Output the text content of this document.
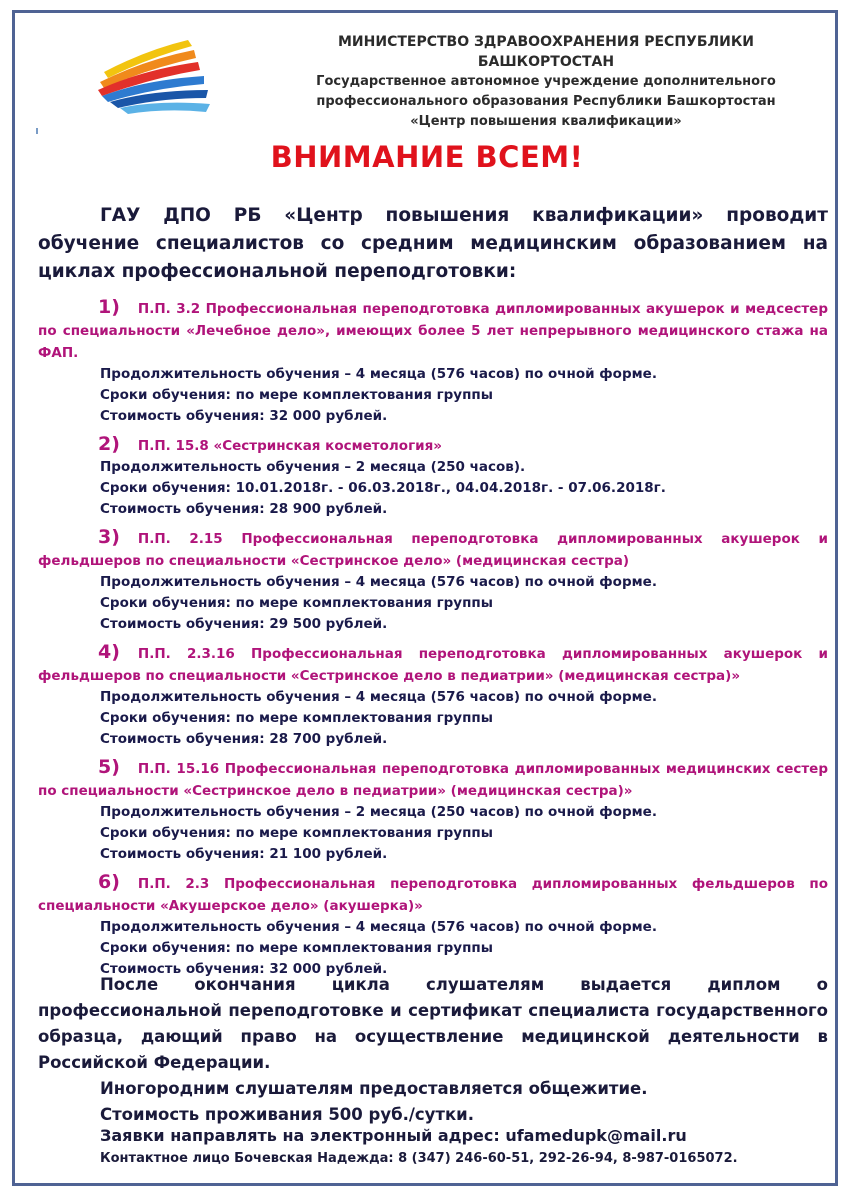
МИНИСТЕРСТВО ЗДРАВООХРАНЕНИЯ РЕСПУБЛИКИ БАШКОРТОСТАН
Государственное автономное учреждение дополнительного
профессионального образования Республики Башкортостан
«Центр повышения квалификации»
ВНИМАНИЕ ВСЕМ!
ГАУ ДПО РБ «Центр повышения квалификации» проводит обучение специалистов со средним медицинским образованием на циклах профессиональной переподготовки:
1) П.П. 3.2 Профессиональная переподготовка дипломированных акушерок и медсестер по специальности «Лечебное дело», имеющих более 5 лет непрерывного медицинского стажа на ФАП.
Продолжительность обучения – 4 месяца (576 часов) по очной форме.
Сроки обучения: по мере комплектования группы
Стоимость обучения: 32 000 рублей.
2) П.П. 15.8 «Сестринская косметология»
Продолжительность обучения – 2 месяца (250 часов).
Сроки обучения: 10.01.2018г. - 06.03.2018г., 04.04.2018г. - 07.06.2018г.
Стоимость обучения: 28 900 рублей.
3) П.П. 2.15 Профессиональная переподготовка дипломированных акушерок и фельдшеров по специальности «Сестринское дело» (медицинская сестра)
Продолжительность обучения – 4 месяца (576 часов) по очной форме.
Сроки обучения: по мере комплектования группы
Стоимость обучения: 29 500 рублей.
4) П.П. 2.3.16 Профессиональная переподготовка дипломированных акушерок и фельдшеров по специальности «Сестринское дело в педиатрии» (медицинская сестра)»
Продолжительность обучения – 4 месяца (576 часов) по очной форме.
Сроки обучения: по мере комплектования группы
Стоимость обучения: 28 700 рублей.
5) П.П. 15.16 Профессиональная переподготовка дипломированных медицинских сестер по специальности «Сестринское дело в педиатрии» (медицинская сестра)»
Продолжительность обучения – 2 месяца (250 часов) по очной форме.
Сроки обучения: по мере комплектования группы
Стоимость обучения: 21 100 рублей.
6) П.П. 2.3 Профессиональная переподготовка дипломированных фельдшеров по специальности «Акушерское дело» (акушерка)»
Продолжительность обучения – 4 месяца (576 часов) по очной форме.
Сроки обучения: по мере комплектования группы
Стоимость обучения: 32 000 рублей.
После окончания цикла слушателям выдается диплом о профессиональной переподготовке и сертификат специалиста государственного образца, дающий право на осуществление медицинской деятельности в Российской Федерации.
Иногородним слушателям предоставляется общежитие.
Стоимость проживания 500 руб./сутки.
Заявки направлять на электронный адрес: ufamedupk@mail.ru
Контактное лицо Бочевская Надежда: 8 (347) 246-60-51, 292-26-94, 8-987-0165072.
